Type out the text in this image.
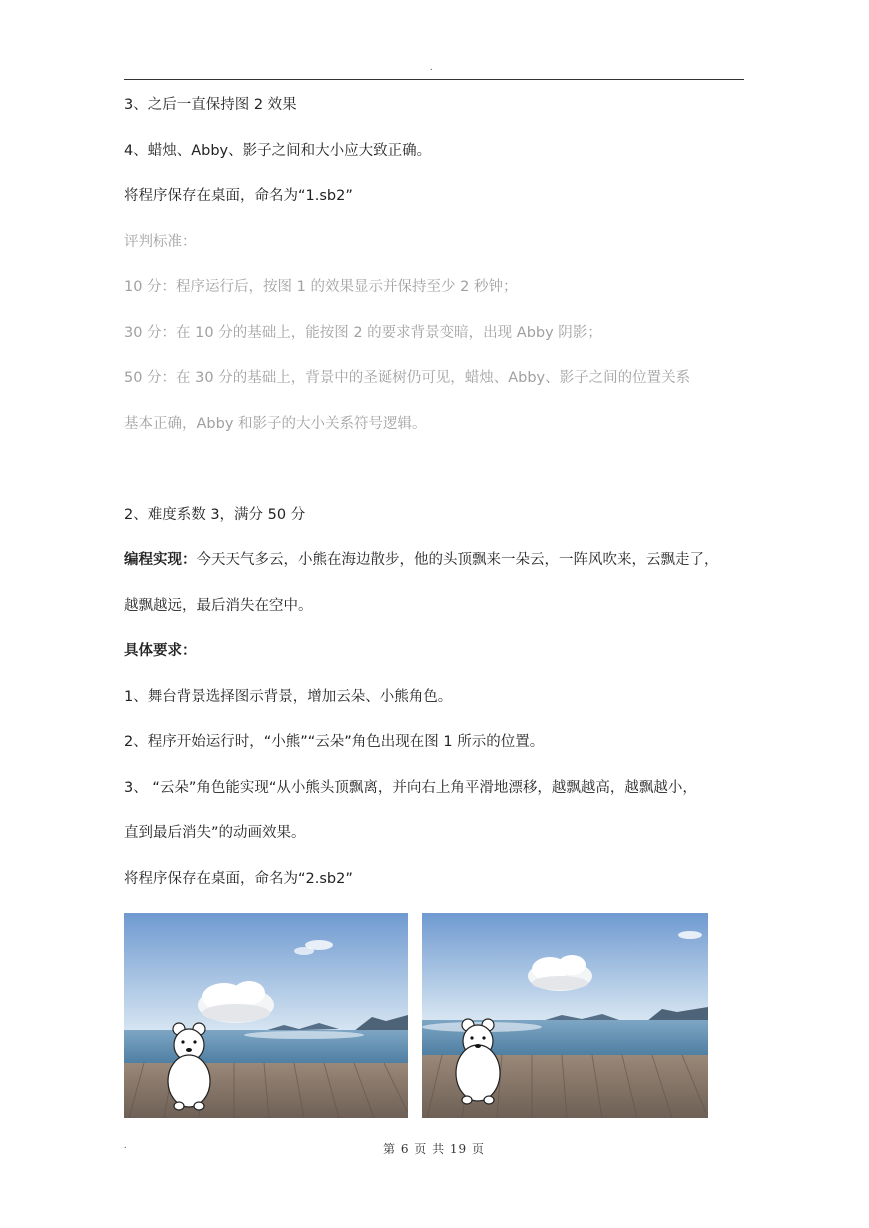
.
3、之后一直保持图 2 效果
4、蜡烛、Abby、影子之间和大小应大致正确。
将程序保存在桌面，命名为“1.sb2”
评判标准：
10 分：程序运行后，按图 1 的效果显示并保持至少 2 秒钟；
30 分：在 10 分的基础上，能按图 2 的要求背景变暗，出现 Abby 阴影；
50 分：在 30 分的基础上，背景中的圣诞树仍可见，蜡烛、Abby、影子之间的位置关系
基本正确，Abby 和影子的大小关系符号逻辑。
2、难度系数 3，满分 50 分
编程实现：今天天气多云，小熊在海边散步，他的头顶飘来一朵云，一阵风吹来，云飘走了，
越飘越远，最后消失在空中。
具体要求：
1、舞台背景选择图示背景，增加云朵、小熊角色。
2、程序开始运行时，“小熊”“云朵”角色出现在图 1 所示的位置。
3、 “云朵”角色能实现“从小熊头顶飘离，并向右上角平滑地漂移，越飘越高，越飘越小，
直到最后消失”的动画效果。
将程序保存在桌面，命名为“2.sb2”
.	第 6 页 共 19 页
